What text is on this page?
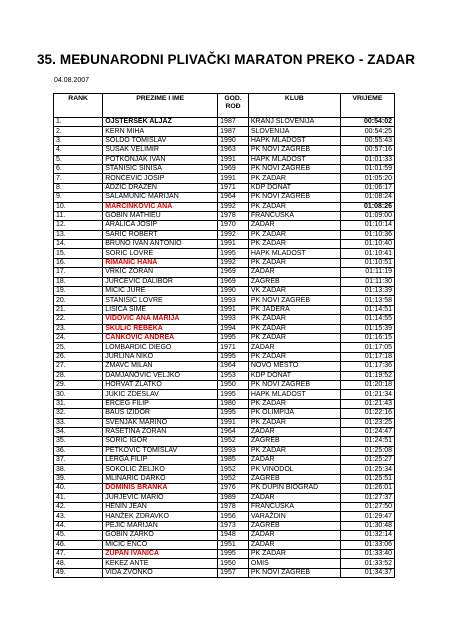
35. MEĐUNARODNI PLIVAČKI MARATON PREKO - ZADAR
04.08.2007
RANK	PREZIME I IME	GOD. ROĐ	KLUB	VRIJEME
1.	OJSTERŠEK ALJAŽ	1987	KRANJ SLOVENIJA	00:54:02
2.	KERN MIHA	1987	SLOVENIJA	00:54:25
3.	ŠOLDO TOMISLAV	1990	HAPK MLADOST	00:55:43
4.	ŠUŠAK VELIMIR	1963	PK NOVI ZAGREB	00:57:16
5.	POTKONJAK IVAN	1991	HAPK MLADOST	01:01:33
6.	STANIŠIĆ SINIŠA	1969	PK NOVI ZAGREB	01:01:59
7.	RONČEVIĆ JOSIP	1991	PK ZADAR	01:05:20
8.	ADŽIĆ DRAŽEN	1971	KDP DONAT	01:06:17
9.	SALAMUNIĆ MARIJAN	1964	PK NOVI ZAGREB	01:08:24
10.	MARČINKOVIĆ ANA	1992	PK ZADAR	01:08:26
11.	GOBIN MATHIEU	1978	FRANCUSKA	01:09:00
12.	ARALICA JOSIP	1970	ZADAR	01:10:14
13.	ŠARIĆ ROBERT	1992	PK ZADAR	01:10:36
14.	BRUNO IVAN ANTONIO	1991	PK ZADAR	01:10:40
15.	SORIĆ LOVRE	1995	HAPK MLADOST	01:10:41
16.	RIMANIĆ HANA	1992	PK ZADAR	01:10:51
17.	VRKIĆ ZORAN	1969	ZADAR	01:11:19
18.	JURČEVIĆ DALIBOR	1969	ZAGREB	01:11:30
19.	MIČIĆ JURE	1990	VK ZADAR	01:13:39
20.	STANIŠIĆ LOVRE	1993	PK NOVI ZAGREB	01:13:58
21.	LISICA ŠIME	1991	PK JADERA	01:14:51
22.	VIDOVIĆ ANA MARIJA	1993	PK ZADAR	01:14:55
23.	ŠKULIĆ REBEKA	1994	PK ZADAR	01:15:39
24.	ČANKOVIĆ ANDREA	1995	PK ZADAR	01:16:15
25.	LOMBARDIĆ DIEGO	1971	ZADAR	01:17:05
26.	JURLINA NIKO	1995	PK ZADAR	01:17:18
27.	ŽMAVC MILAN	1964	NOVO MESTO	01:17:36
28.	DAMJANOVIĆ VELJKO	1953	KDP DONAT	01:19:52
29.	HORVAT ZLATKO	1950	PK NOVI ZAGREB	01:20:18
30.	JUKIĆ ZDESLAV	1995	HAPK MLADOST	01:21:34
31.	ERCEG FILIP	1980	PK ZADAR	01:21:43
32.	BAUS IZIDOR	1995	PK OLIMPIJA	01:22:16
33.	ŠVENJAK MARINO	1991	PK ZADAR	01:23:25
34.	RAŠETINA ZORAN	1964	ZADAR	01:24:47
35.	SORIĆ IGOR	1952	ZAGREB	01:24:51
36.	PETKOVIĆ TOMISLAV	1993	PK ZADAR	01:25:08
37.	LERGA FILIP	1985	ZADAR	01:25:27
38.	SOKOLIĆ ŽELJKO	1952	PK VINODOL	01:25:34
39.	MLINARIĆ DARKO	1952	ZAGREB	01:25:51
40.	DOMINIS BRANKA	1976	PK DUPIN BIOGRAD	01:26:01
41.	JURJEVIĆ MARIO	1989	ZADAR	01:27:37
42.	HENIN JEAN	1978	FRANCUSKA	01:27:50
43.	HANŽEK ZDRAVKO	1956	VARAŽDIN	01:29:47
44.	PEJIĆ MARIJAN	1973	ZAGREB	01:30:48
45.	GOBIN ŽARKO	1948	ZADAR	01:32:14
46.	MIČIĆ ENCO	1951	ZADAR	01:33:06
47.	ŽUPAN IVANICA	1995	PK ZADAR	01:33:40
48.	KEKEZ ANTE	1950	OMIŠ	01:33:52
49.	VIDA ZVONKO	1957	PK NOVI ZAGREB	01:34:37
